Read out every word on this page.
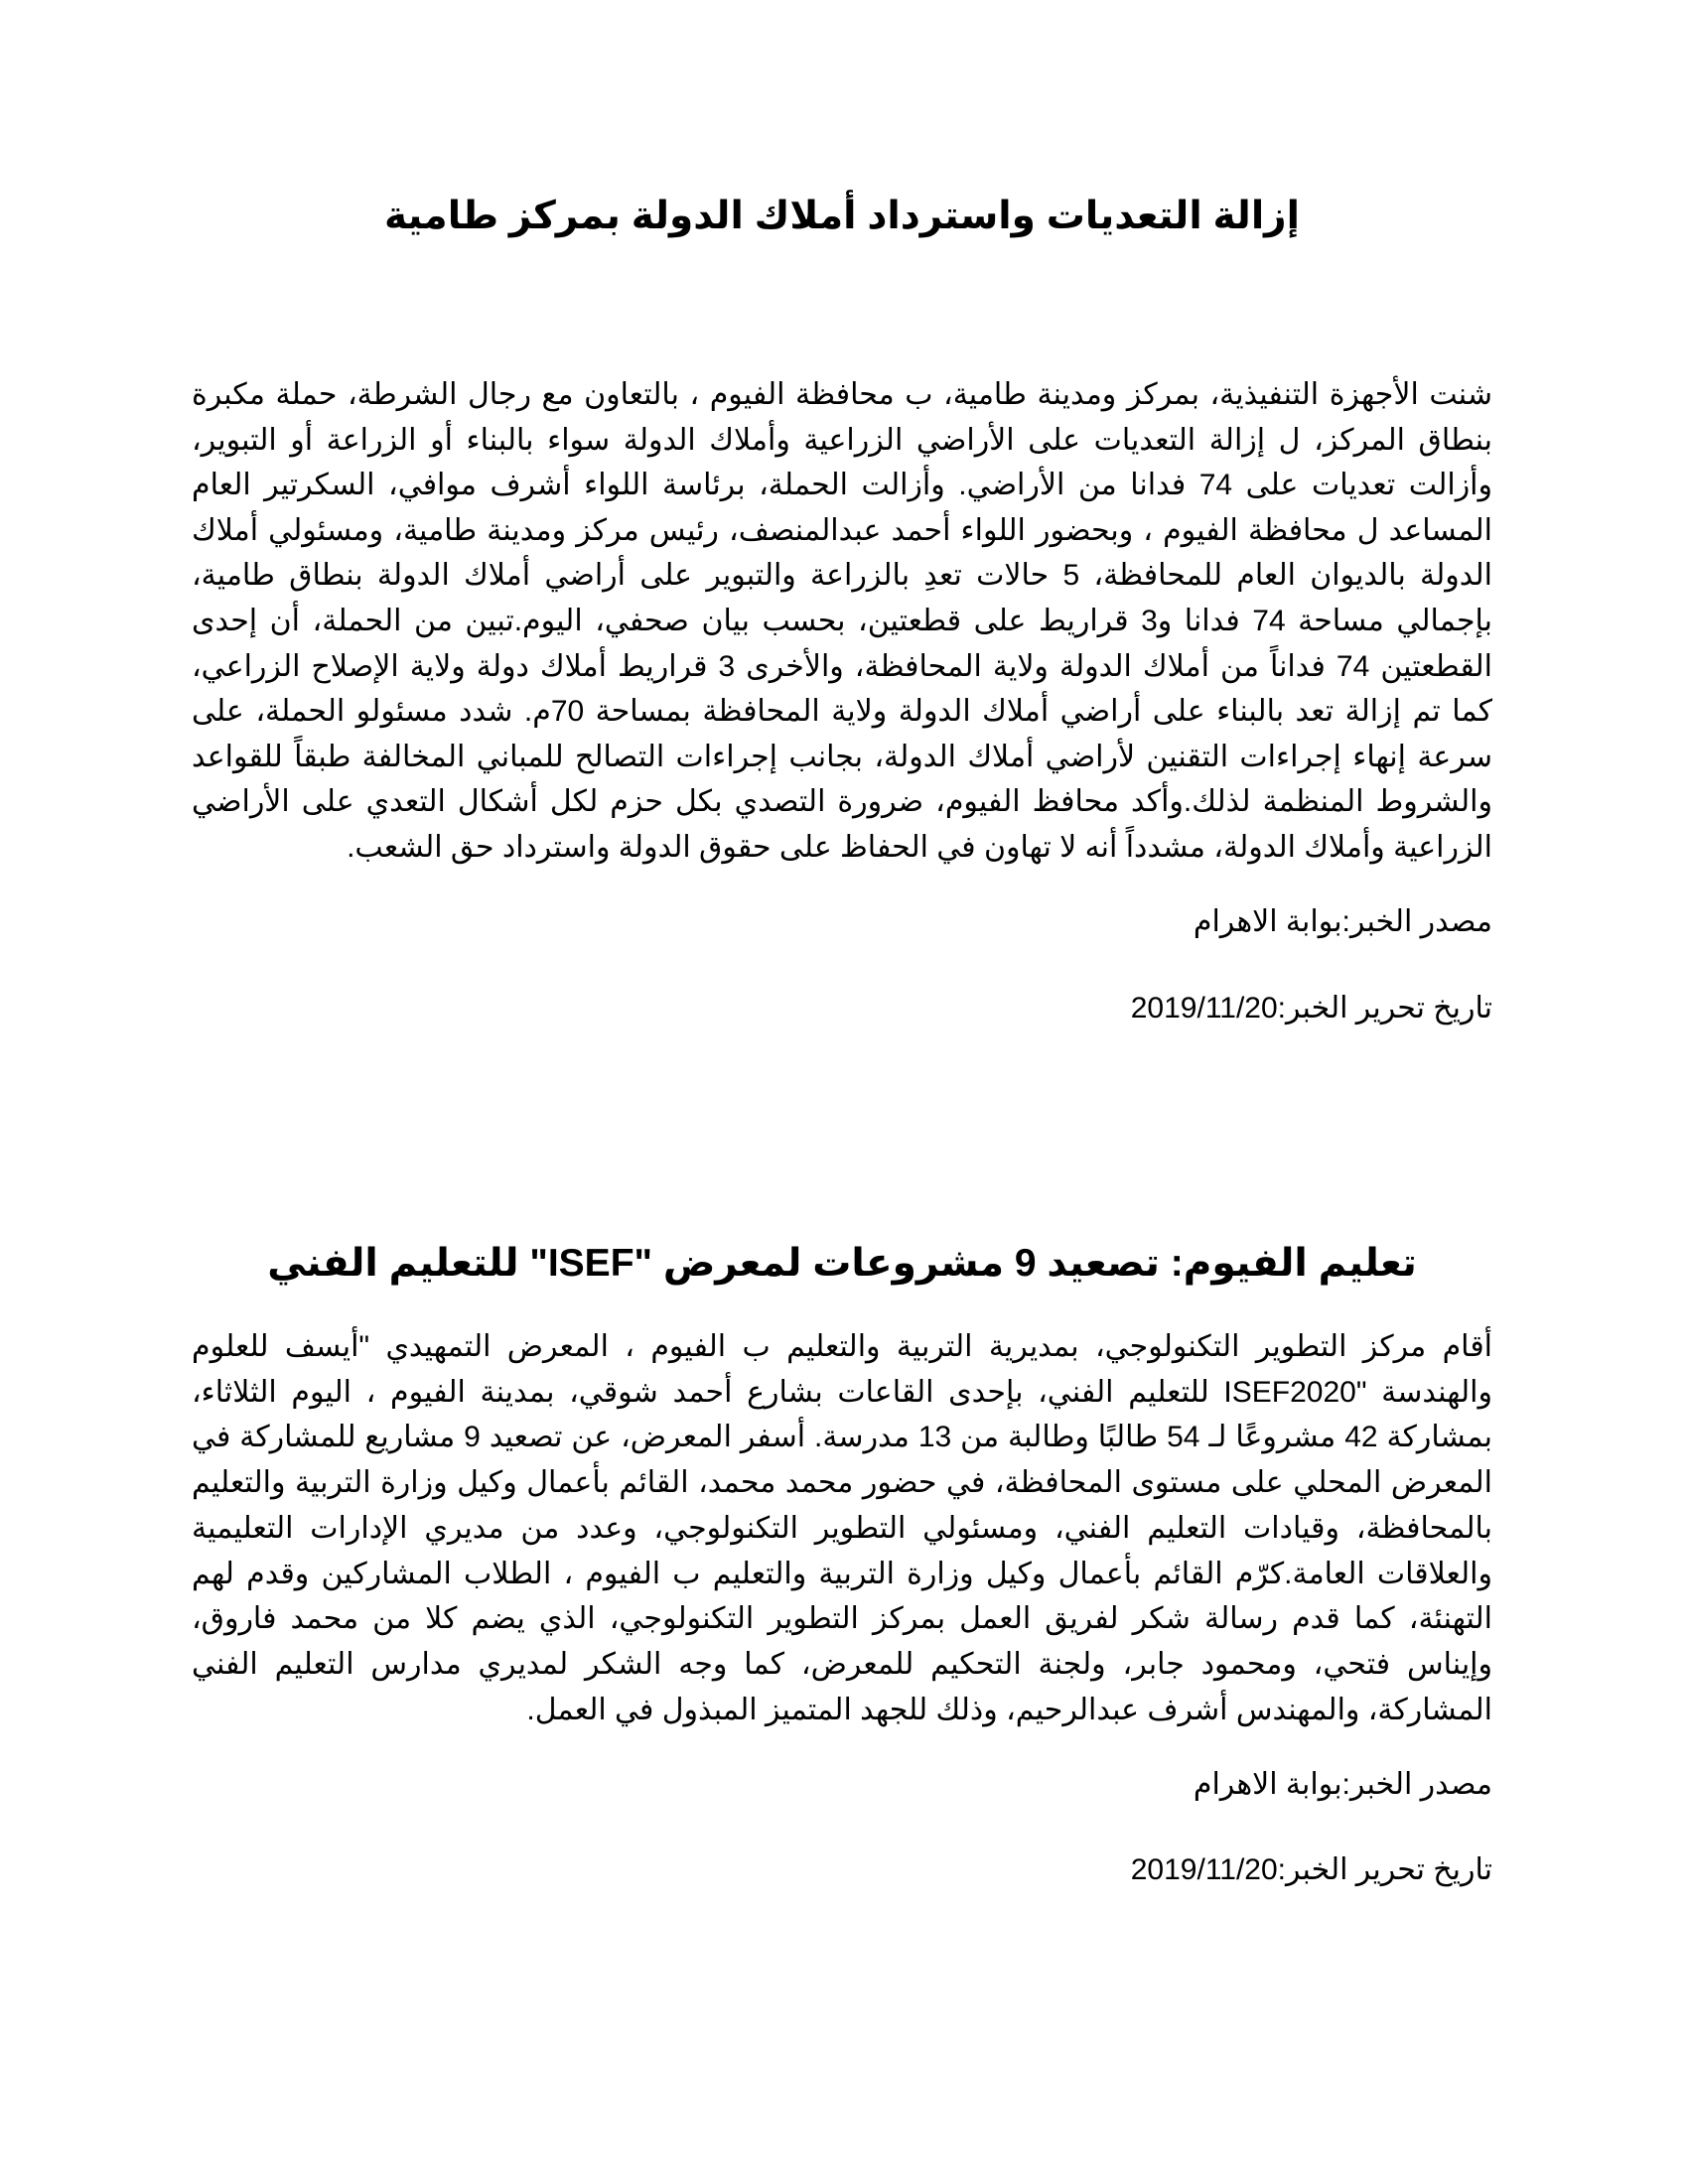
إزالة التعديات واسترداد أملاك الدولة بمركز طامية

شنت الأجهزة التنفيذية، بمركز ومدينة طامية، ب محافظة الفيوم ، بالتعاون مع رجال الشرطة، حملة مكبرة بنطاق المركز، ل إزالة التعديات على الأراضي الزراعية وأملاك الدولة سواء بالبناء أو الزراعة أو التبوير، وأزالت تعديات على 74 فدانا من الأراضي. وأزالت الحملة، برئاسة اللواء أشرف موافي، السكرتير العام المساعد ل محافظة الفيوم ، وبحضور اللواء أحمد عبدالمنصف، رئيس مركز ومدينة طامية، ومسئولي أملاك الدولة بالديوان العام للمحافظة، 5 حالات تعدِ بالزراعة والتبوير على أراضي أملاك الدولة بنطاق طامية، بإجمالي مساحة 74 فدانا و3 قراريط على قطعتين، بحسب بيان صحفي، اليوم.تبين من الحملة، أن إحدى القطعتين 74 فداناً من أملاك الدولة ولاية المحافظة، والأخرى 3 قراريط أملاك دولة ولاية الإصلاح الزراعي، كما تم إزالة تعد بالبناء على أراضي أملاك الدولة ولاية المحافظة بمساحة 70م. شدد مسئولو الحملة، على سرعة إنهاء إجراءات التقنين لأراضي أملاك الدولة، بجانب إجراءات التصالح للمباني المخالفة طبقاً للقواعد والشروط المنظمة لذلك.وأكد محافظ الفيوم، ضرورة التصدي بكل حزم لكل أشكال التعدي على الأراضي الزراعية وأملاك الدولة، مشدداً أنه لا تهاون في الحفاظ على حقوق الدولة واسترداد حق الشعب.

مصدر الخبر:بوابة الاهرام

تاريخ تحرير الخبر:2019/11/20

تعليم الفيوم: تصعيد 9 مشروعات لمعرض "ISEF" للتعليم الفني

أقام مركز التطوير التكنولوجي، بمديرية التربية والتعليم ب الفيوم ، المعرض التمهيدي "أيسف للعلوم والهندسة "ISEF2020 للتعليم الفني، بإحدى القاعات بشارع أحمد شوقي، بمدينة الفيوم ، اليوم الثلاثاء، بمشاركة 42 مشروعًا لـ 54 طالبًا وطالبة من 13 مدرسة. أسفر المعرض، عن تصعيد 9 مشاريع للمشاركة في المعرض المحلي على مستوى المحافظة، في حضور محمد محمد، القائم بأعمال وكيل وزارة التربية والتعليم بالمحافظة، وقيادات التعليم الفني، ومسئولي التطوير التكنولوجي، وعدد من مديري الإدارات التعليمية والعلاقات العامة.كرّم القائم بأعمال وكيل وزارة التربية والتعليم ب الفيوم ، الطلاب المشاركين وقدم لهم التهنئة، كما قدم رسالة شكر لفريق العمل بمركز التطوير التكنولوجي، الذي يضم كلا من محمد فاروق، وإيناس فتحي، ومحمود جابر، ولجنة التحكيم للمعرض، كما وجه الشكر لمديري مدارس التعليم الفني المشاركة، والمهندس أشرف عبدالرحيم، وذلك للجهد المتميز المبذول في العمل.

مصدر الخبر:بوابة الاهرام

تاريخ تحرير الخبر:2019/11/20
